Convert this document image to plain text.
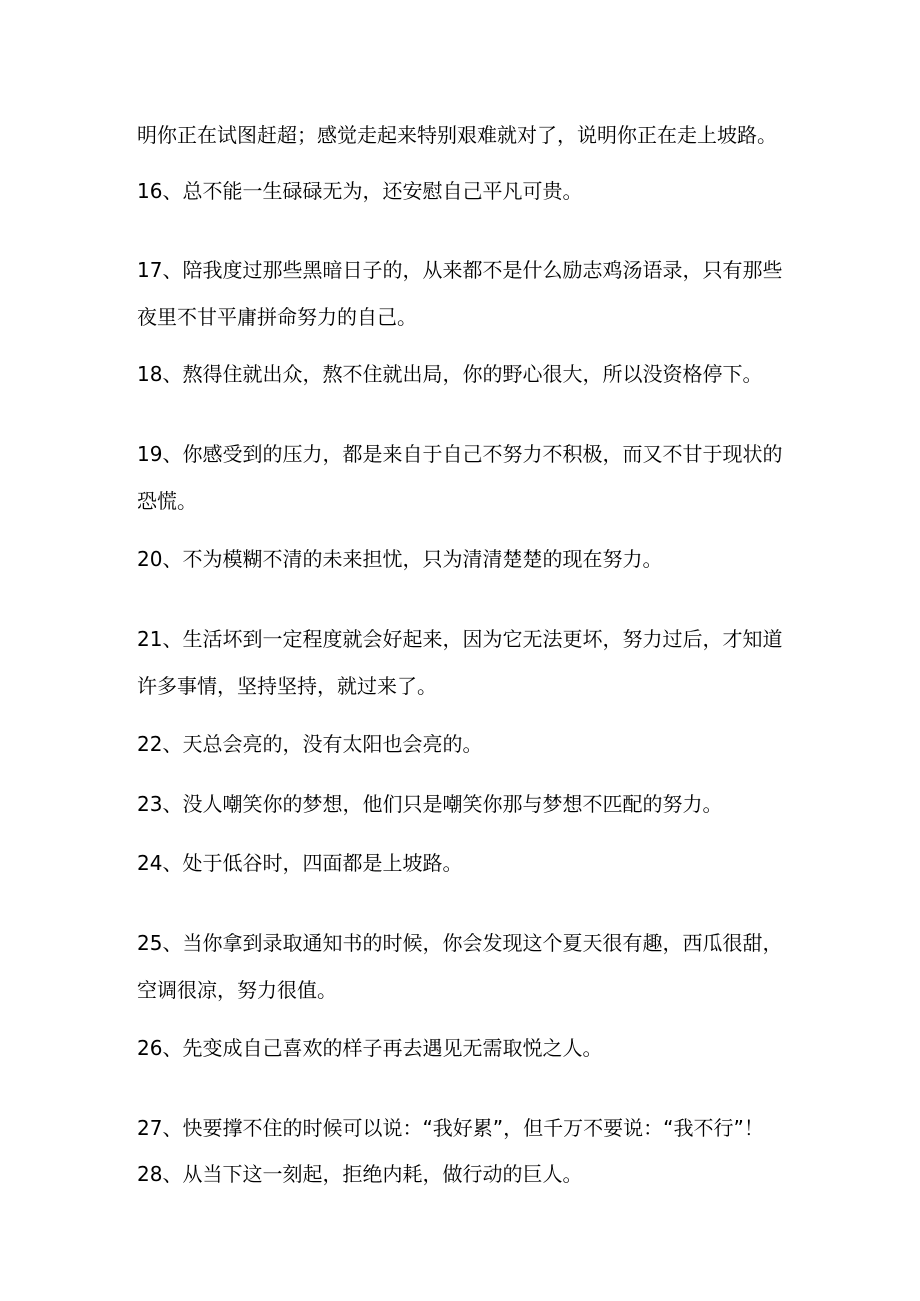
明你正在试图赶超；感觉走起来特别艰难就对了，说明你正在走上坡路。

16、总不能一生碌碌无为，还安慰自己平凡可贵。

17、陪我度过那些黑暗日子的，从来都不是什么励志鸡汤语录，只有那些

夜里不甘平庸拼命努力的自己。

18、熬得住就出众，熬不住就出局，你的野心很大，所以没资格停下。

19、你感受到的压力，都是来自于自己不努力不积极，而又不甘于现状的

恐慌。

20、不为模糊不清的未来担忧，只为清清楚楚的现在努力。

21、生活坏到一定程度就会好起来，因为它无法更坏，努力过后，才知道

许多事情，坚持坚持，就过来了。

22、天总会亮的，没有太阳也会亮的。

23、没人嘲笑你的梦想，他们只是嘲笑你那与梦想不匹配的努力。

24、处于低谷时，四面都是上坡路。

25、当你拿到录取通知书的时候，你会发现这个夏天很有趣，西瓜很甜，

空调很凉，努力很值。

26、先变成自己喜欢的样子再去遇见无需取悦之人。

27、快要撑不住的时候可以说：“我好累”，但千万不要说：“我不行”！

28、从当下这一刻起，拒绝内耗，做行动的巨人。
